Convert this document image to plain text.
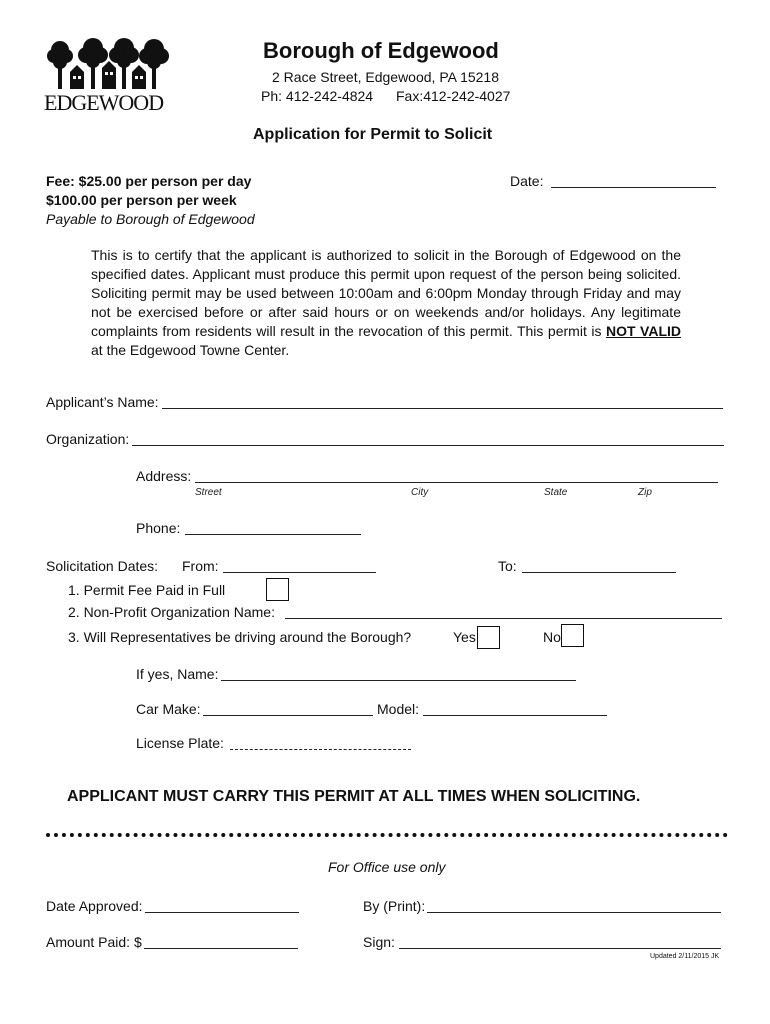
EDGEWOOD
Borough of Edgewood
2 Race Street, Edgewood, PA 15218
Ph: 412-242-4824 Fax:412-242-4027
Application for Permit to Solicit
Fee: $25.00 per person per day
$100.00 per person per week
Payable to Borough of Edgewood
Date:
This is to certify that the applicant is authorized to solicit in the Borough of Edgewood on the specified dates. Applicant must produce this permit upon request of the person being solicited. Soliciting permit may be used between 10:00am and 6:00pm Monday through Friday and may not be exercised before or after said hours or on weekends and/or holidays. Any legitimate complaints from residents will result in the revocation of this permit. This permit is NOT VALID at the Edgewood Towne Center.
Applicant’s Name:
Organization:
Address:
Street	City	State	Zip
Phone:
Solicitation Dates: From:	To:
1. Permit Fee Paid in Full
2. Non-Profit Organization Name:
3. Will Representatives be driving around the Borough?	Yes	No
If yes, Name:
Car Make:	Model:
License Plate:
APPLICANT MUST CARRY THIS PERMIT AT ALL TIMES WHEN SOLICITING.
For Office use only
Date Approved:	By (Print):
Amount Paid: $	Sign:
Updated 2/11/2015 JK
